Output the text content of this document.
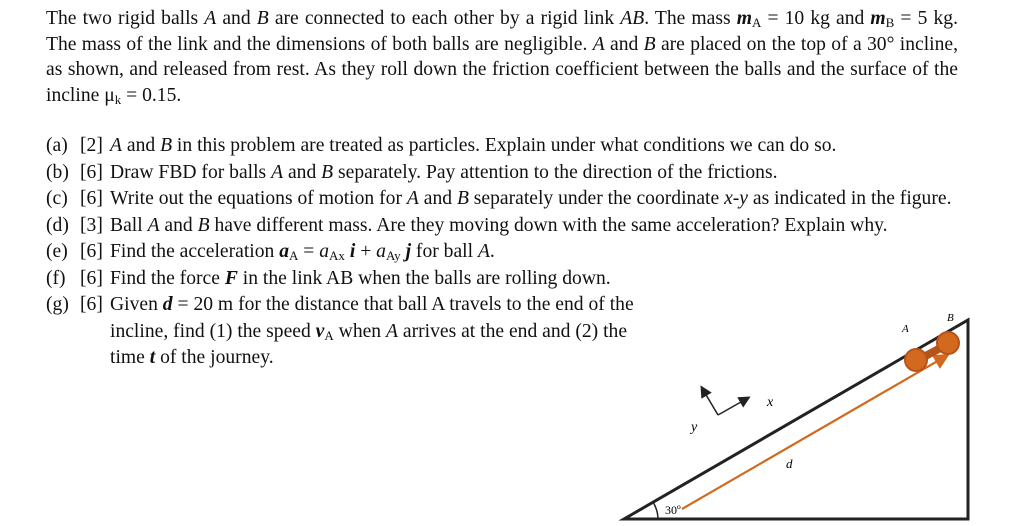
The two rigid balls A and B are connected to each other by a rigid link AB. The mass $m_A = 10$ kg and $m_B = 5$ kg. The mass of the link and the dimensions of both balls are negligible. A and B are placed on the top of a 30° incline, as shown, and released from rest. As they roll down the friction coefficient between the balls and the surface of the incline $\mu_k = 0.15$.

(a) [2] A and B in this problem are treated as particles. Explain under what conditions we can do so.
(b) [6] Draw FBD for balls A and B separately. Pay attention to the direction of the frictions.
(c) [6] Write out the equations of motion for A and B separately under the coordinate x-y as indicated in the figure.
(d) [3] Ball A and B have different mass. Are they moving down with the same acceleration? Explain why.
(e) [6] Find the acceleration $a_A = a_{Ax}$ $i + a_{Ay}$ j for ball A.
(f) [6] Find the force F in the link AB when the balls are rolling down.
(g) [6] Given d = 20 m for the distance that ball A travels to the end of the incline, find (1) the speed $v_A$ when A arrives at the end and (2) the time t of the journey.
30º
d
A
B
x
y
